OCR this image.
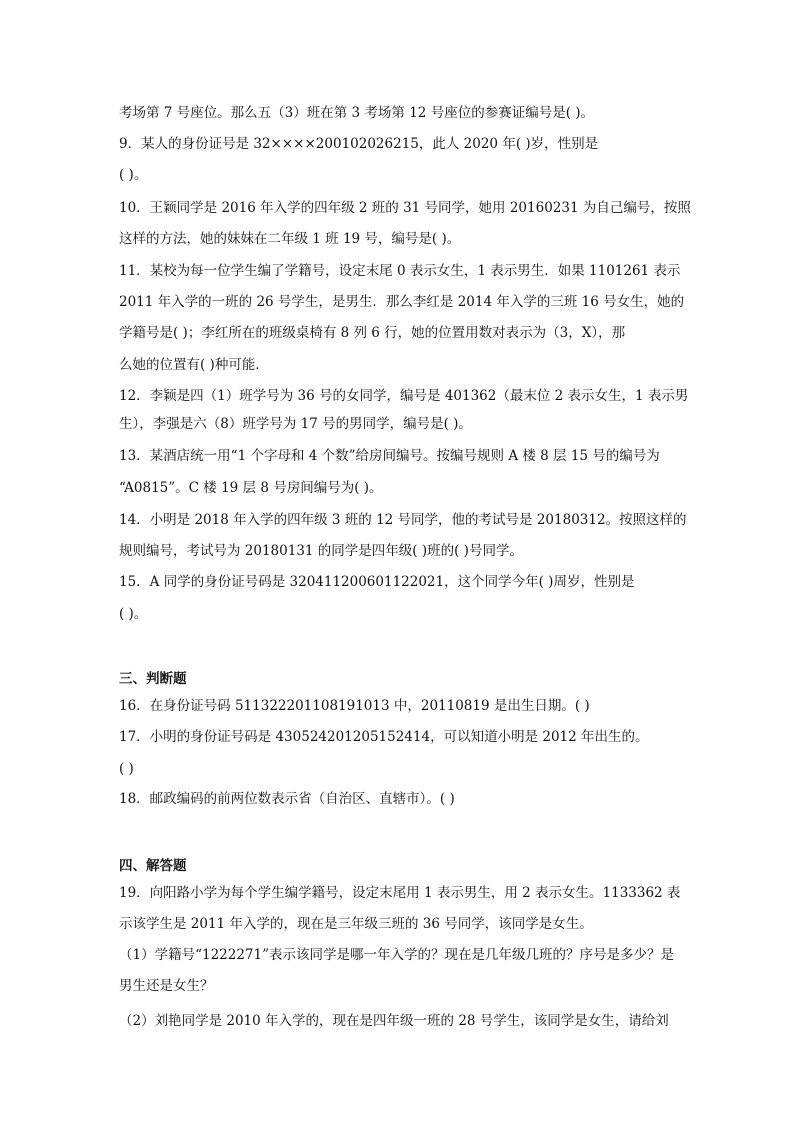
考场第 7 号座位。那么五（3）班在第 3 考场第 12 号座位的参赛证编号是( )。
9．某人的身份证号是 32××××200102026215，此人 2020 年( )岁，性别是
( )。
10．王颖同学是 2016 年入学的四年级 2 班的 31 号同学，她用 20160231 为自己编号，按照
这样的方法，她的妹妹在二年级 1 班 19 号，编号是( )。
11．某校为每一位学生编了学籍号，设定末尾 0 表示女生，1 表示男生．如果 1101261 表示
2011 年入学的一班的 26 号学生，是男生．那么李红是 2014 年入学的三班 16 号女生，她的
学籍号是( )；李红所在的班级桌椅有 8 列 6 行，她的位置用数对表示为（3，X），那
么她的位置有( )种可能．
12．李颖是四（1）班学号为 36 号的女同学，编号是 401362（最末位 2 表示女生，1 表示男
生），李强是六（8）班学号为 17 号的男同学，编号是( )。
13．某酒店统一用“1 个字母和 4 个数”给房间编号。按编号规则 A 楼 8 层 15 号的编号为
“A0815”。C 楼 19 层 8 号房间编号为( )。
14．小明是 2018 年入学的四年级 3 班的 12 号同学，他的考试号是 20180312。按照这样的
规则编号，考试号为 20180131 的同学是四年级( )班的( )号同学。
15．A 同学的身份证号码是 320411200601122021，这个同学今年( )周岁，性别是
( )。
三、判断题
16．在身份证号码 511322201108191013 中，20110819 是出生日期。( )
17．小明的身份证号码是 430524201205152414，可以知道小明是 2012 年出生的。
( )
18．邮政编码的前两位数表示省（自治区、直辖市）。( )
四、解答题
19．向阳路小学为每个学生编学籍号，设定末尾用 1 表示男生，用 2 表示女生。1133362 表
示该学生是 2011 年入学的，现在是三年级三班的 36 号同学，该同学是女生。
（1）学籍号“1222271”表示该同学是哪一年入学的？现在是几年级几班的？序号是多少？是
男生还是女生？
（2）刘艳同学是 2010 年入学的，现在是四年级一班的 28 号学生，该同学是女生，请给刘
